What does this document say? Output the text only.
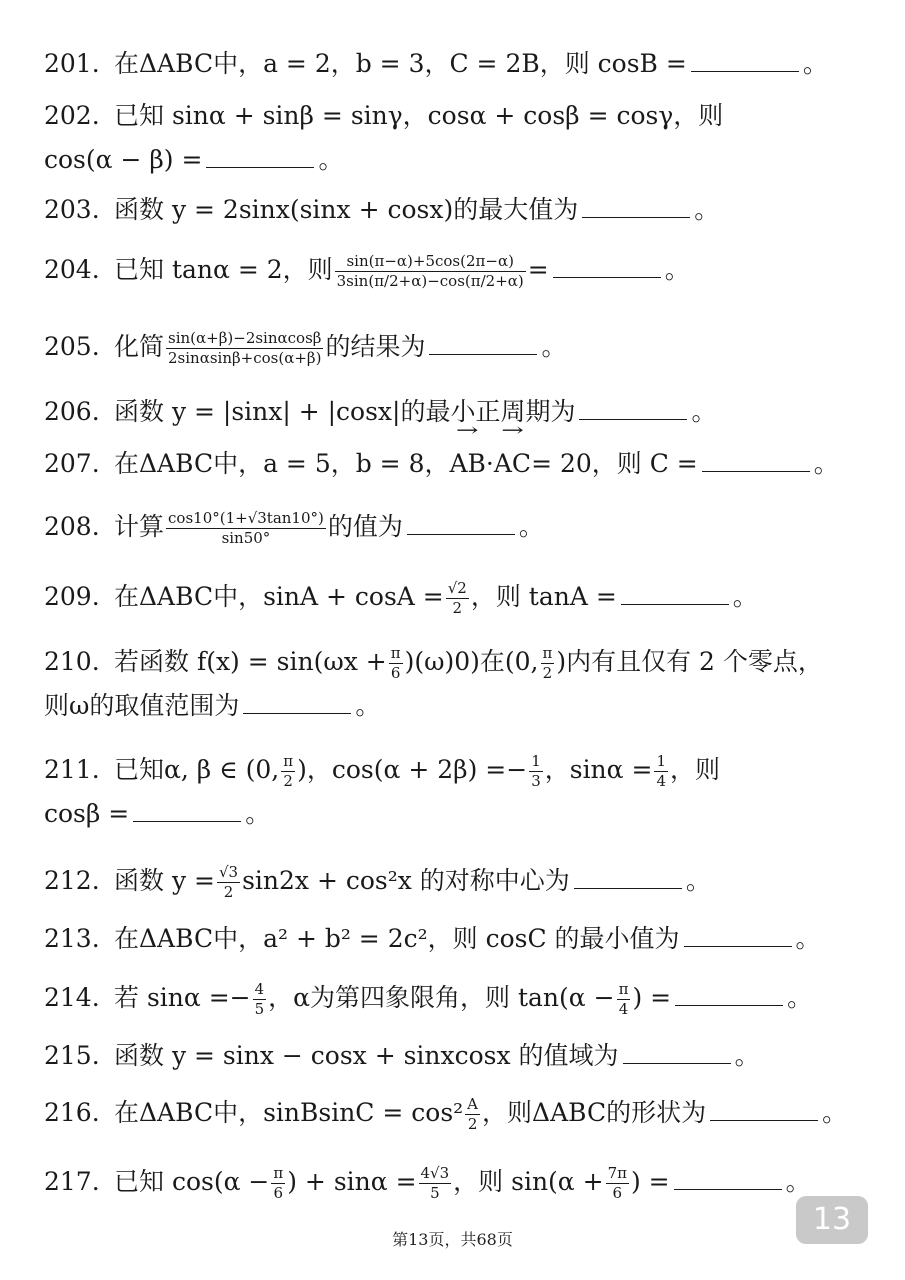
201. 在ΔABC中，a = 2，b = 3，C = 2B，则 cosB =	。
202. 已知 sinα + sinβ = sinγ，cosα + cosβ = cosγ，则
cos(α − β) =	。
203. 函数 y = 2sinx(sinx + cosx)的最大值为	。
204. 已知 tanα = 2，则 $\frac{\sin(\pi-\alpha)+5\cos(2\pi-\alpha)}{3\sin(\pi/2+\alpha)-\cos(\pi/2+\alpha)}$ =	。
205. 化简 $\frac{\sin(\alpha+\beta)-2\sin\alpha\cos\beta}{2\sin\alpha\sin\beta+\cos(\alpha+\beta)}$ 的结果为	。
206. 函数 y = |sinx| + |cosx|的最小正周期为	。
207. 在ΔABC中，a = 5，b = 8，→ AB·→ AC= 20，则 C =	。
208. 计算 $\frac{\cos 10^\circ(1+√3\tan 10^\circ)}{\sin 50^\circ}$ 的值为	。
209. 在ΔABC中，$\sin A + \cos A = \frac{√2}{2}$ ，则 tanA =	。
210. 若函数 $f(x) = \sin(\omega x + \frac{\pi}{6} )(\omega)0$)在(0, $\frac{\pi}{2}$ )内有且仅有 2 个零点，
则ω的取值范围为	。
211. 已知α, β ∈ (0, $\frac{\pi}{2}$ )，$\cos(\alpha + 2\beta) =- \frac{1}{3}$ ，$\sin\alpha = \frac{1}{4}$ ，则
cosβ =	。
212. 函数 $y = \frac{√3}{2} \sin 2x + \cos^2x$ 的对称中心为	。
213. 在ΔABC中，a² + b² = 2c²，则 cosC 的最小值为	。
214. 若 $\sin\alpha =- \frac{4}{5}$ ，α为第四象限角，则 $\tan(\alpha - \frac{\pi}{4}$ ) =	。
215. 函数 y = sinx − cosx + sinxcosx 的值域为	。
216. 在ΔABC中，sinBsinC = $\cos^2 \frac{A}{2}$ ，则ΔABC的形状为	。
217. 已知 $\cos(\alpha - \frac{\pi}{6}$ ) + $\sin\alpha = \frac{4√3}{5}$ ，则 $\sin(\alpha + \frac{7\pi}{6}$ ) =	。
第13页，共68页
13
